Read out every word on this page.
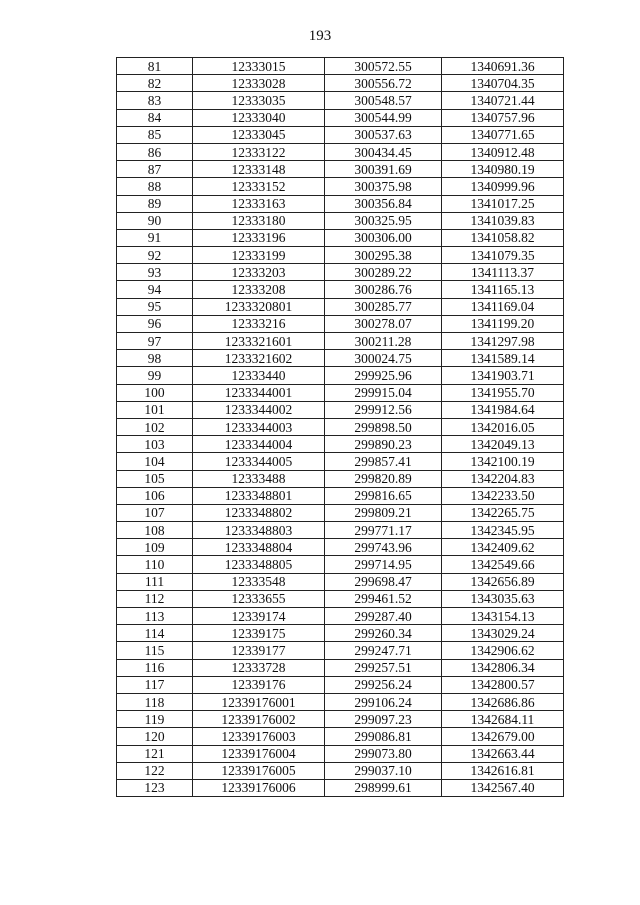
193
81	12333015	300572.55	1340691.36
82	12333028	300556.72	1340704.35
83	12333035	300548.57	1340721.44
84	12333040	300544.99	1340757.96
85	12333045	300537.63	1340771.65
86	12333122	300434.45	1340912.48
87	12333148	300391.69	1340980.19
88	12333152	300375.98	1340999.96
89	12333163	300356.84	1341017.25
90	12333180	300325.95	1341039.83
91	12333196	300306.00	1341058.82
92	12333199	300295.38	1341079.35
93	12333203	300289.22	1341113.37
94	12333208	300286.76	1341165.13
95	1233320801	300285.77	1341169.04
96	12333216	300278.07	1341199.20
97	1233321601	300211.28	1341297.98
98	1233321602	300024.75	1341589.14
99	12333440	299925.96	1341903.71
100	1233344001	299915.04	1341955.70
101	1233344002	299912.56	1341984.64
102	1233344003	299898.50	1342016.05
103	1233344004	299890.23	1342049.13
104	1233344005	299857.41	1342100.19
105	12333488	299820.89	1342204.83
106	1233348801	299816.65	1342233.50
107	1233348802	299809.21	1342265.75
108	1233348803	299771.17	1342345.95
109	1233348804	299743.96	1342409.62
110	1233348805	299714.95	1342549.66
111	12333548	299698.47	1342656.89
112	12333655	299461.52	1343035.63
113	12339174	299287.40	1343154.13
114	12339175	299260.34	1343029.24
115	12339177	299247.71	1342906.62
116	12333728	299257.51	1342806.34
117	12339176	299256.24	1342800.57
118	12339176001	299106.24	1342686.86
119	12339176002	299097.23	1342684.11
120	12339176003	299086.81	1342679.00
121	12339176004	299073.80	1342663.44
122	12339176005	299037.10	1342616.81
123	12339176006	298999.61	1342567.40
